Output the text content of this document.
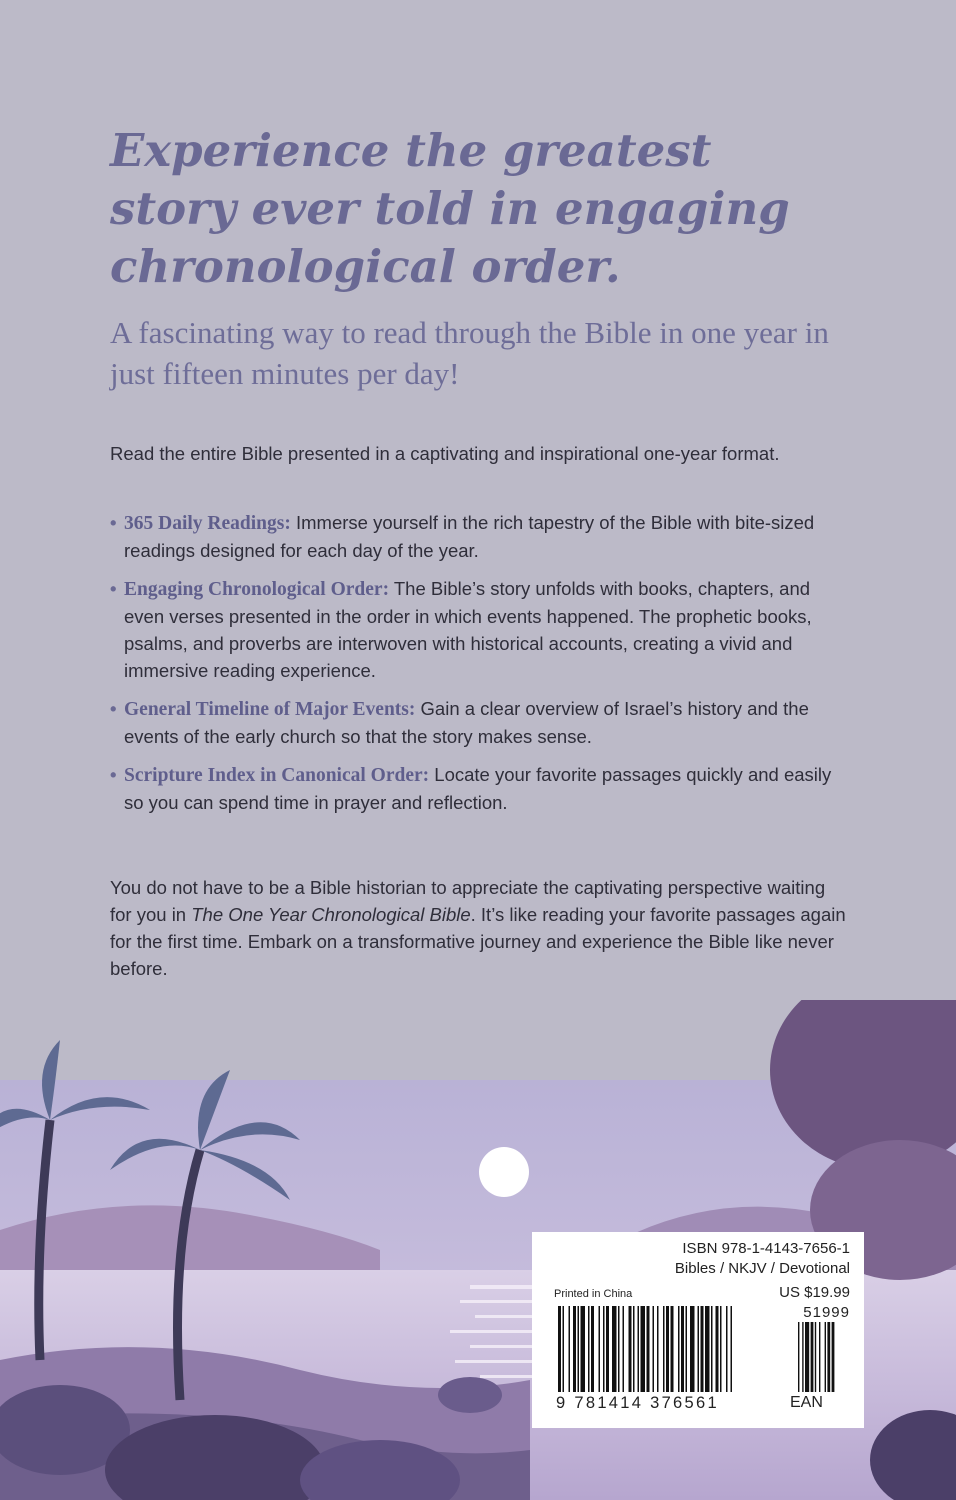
Experience the greatest story ever told in engaging chronological order.

A fascinating way to read through the Bible in one year in just fifteen minutes per day!

Read the entire Bible presented in a captivating and inspirational one-year format.

• 365 Daily Readings: Immerse yourself in the rich tapestry of the Bible with bite-sized readings designed for each day of the year.
• Engaging Chronological Order: The Bible’s story unfolds with books, chapters, and even verses presented in the order in which events happened. The prophetic books, psalms, and proverbs are interwoven with historical accounts, creating a vivid and immersive reading experience.
• General Timeline of Major Events: Gain a clear overview of Israel’s history and the events of the early church so that the story makes sense.
• Scripture Index in Canonical Order: Locate your favorite passages quickly and easily so you can spend time in prayer and reflection.

You do not have to be a Bible historian to appreciate the captivating perspective waiting for you in The One Year Chronological Bible. It’s like reading your favorite passages again for the first time. Embark on a transformative journey and experience the Bible like never before.

ISBN 978-1-4143-7656-1

Bibles / NKJV / Devotional

Printed in China	US $19.99

51999

9 781414 376561	EAN
